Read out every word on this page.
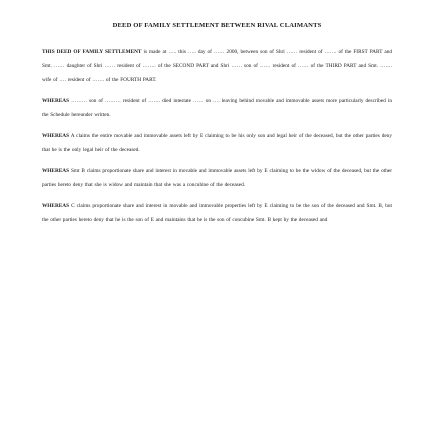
DEED OF FAMILY SETTLEMENT BETWEEN RIVAL CLAIMANTS

THIS DEED OF FAMILY SETTLEMENT is made at ….. this ….. day of …… 2000, between son of Shri …… resident of ……. of the FIRST PART and Smt. …… daughter of Shri …… resident of …….. of the SECOND PART and Shri …… son of …… resident of …… of the THIRD PART and Smt. ……. wife of …. resident of ……. of the FOURTH PART.

WHEREAS ……… son of ……… resident of ……. died intestate …… on …. leaving behind movable and immovable assets more particularly described in the Schedule hereunder written.

WHEREAS A claims the entire movable and immovable assets left by E claiming to be his only son and legal heir of the deceased, but the other parties deny that he is the only legal heir of the deceased.

WHEREAS Smt B claims proportionate share and interest in movable and immovable assets left by E claiming to be the widow of the deceased, but the other parties hereto deny that she is widow and maintain that she was a concubine of the deceased.

WHEREAS C claims proportionate share and interest in movable and immovable properties left by E claiming to be the son of the deceased and Smt. B, but the other parties hereto deny that he is the son of E and maintains that he is the son of concubine Smt. B kept by the deceased and
